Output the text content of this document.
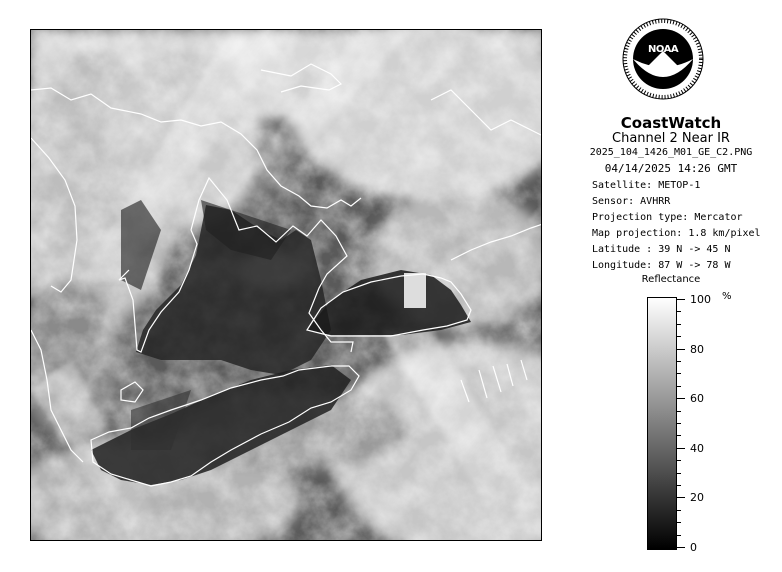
NOAA
CoastWatch
Channel 2 Near IR
2025_104_1426_M01_GE_C2.PNG
04/14/2025 14:26 GMT
Satellite: METOP-1
Sensor: AVHRR
Projection type: Mercator
Map projection: 1.8 km/pixel
Latitude : 39 N -> 45 N
Longitude: 87 W -> 78 W
Reflectance
%
100
80
60
40
20
0
